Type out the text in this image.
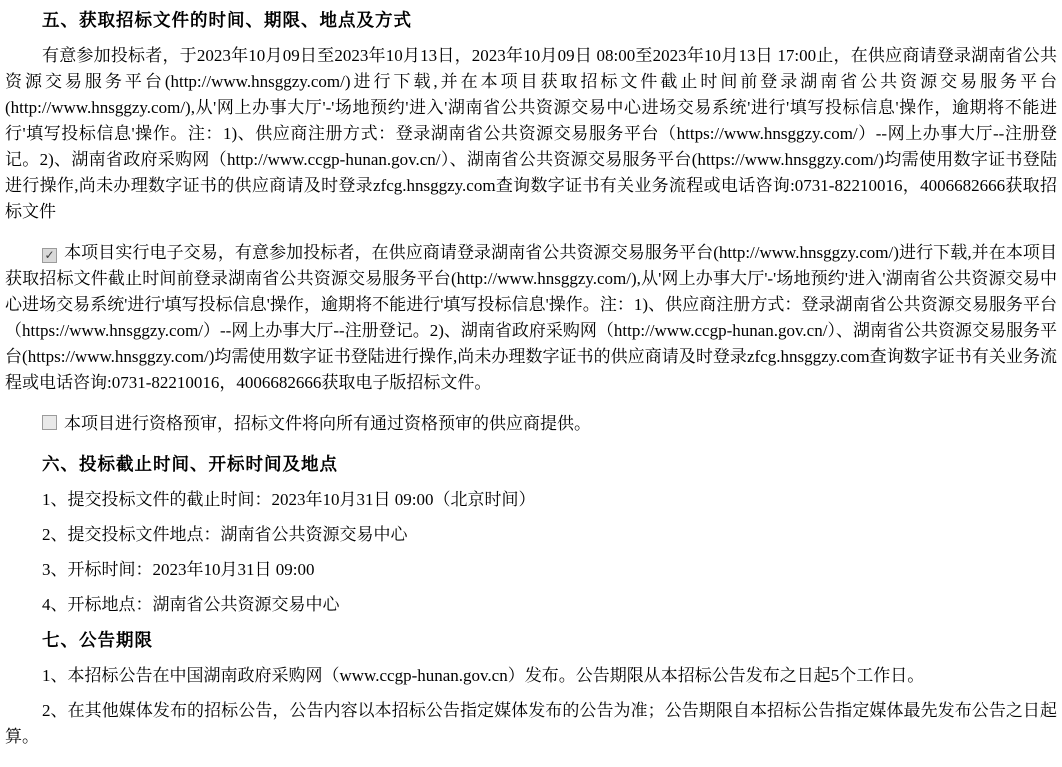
五、获取招标文件的时间、期限、地点及方式

有意参加投标者，于2023年10月09日至2023年10月13日，2023年10月09日 08:00至2023年10月13日 17:00止，在供应商请登录湖南省公共资源交易服务平台(http://www.hnsggzy.com/)进行下载,并在本项目获取招标文件截止时间前登录湖南省公共资源交易服务平台(http://www.hnsggzy.com/),从'网上办事大厅'-'场地预约'进入'湖南省公共资源交易中心进场交易系统'进行'填写投标信息'操作，逾期将不能进行'填写投标信息'操作。注：1)、供应商注册方式：登录湖南省公共资源交易服务平台（https://www.hnsggzy.com/）--网上办事大厅--注册登记。2)、湖南省政府采购网（http://www.ccgp-hunan.gov.cn/）、湖南省公共资源交易服务平台(https://www.hnsggzy.com/)均需使用数字证书登陆进行操作,尚未办理数字证书的供应商请及时登录zfcg.hnsggzy.com查询数字证书有关业务流程或电话咨询:0731-82210016，4006682666获取招标文件

✓ 本项目实行电子交易，有意参加投标者，在供应商请登录湖南省公共资源交易服务平台(http://www.hnsggzy.com/)进行下载,并在本项目获取招标文件截止时间前登录湖南省公共资源交易服务平台(http://www.hnsggzy.com/),从'网上办事大厅'-'场地预约'进入'湖南省公共资源交易中心进场交易系统'进行'填写投标信息'操作，逾期将不能进行'填写投标信息'操作。注：1)、供应商注册方式：登录湖南省公共资源交易服务平台（https://www.hnsggzy.com/）--网上办事大厅--注册登记。2)、湖南省政府采购网（http://www.ccgp-hunan.gov.cn/）、湖南省公共资源交易服务平台(https://www.hnsggzy.com/)均需使用数字证书登陆进行操作,尚未办理数字证书的供应商请及时登录zfcg.hnsggzy.com查询数字证书有关业务流程或电话咨询:0731-82210016，4006682666获取电子版招标文件。

本项目进行资格预审，招标文件将向所有通过资格预审的供应商提供。

六、投标截止时间、开标时间及地点

1、提交投标文件的截止时间：2023年10月31日 09:00（北京时间）

2、提交投标文件地点：湖南省公共资源交易中心

3、开标时间：2023年10月31日 09:00

4、开标地点：湖南省公共资源交易中心

七、公告期限

1、本招标公告在中国湖南政府采购网（www.ccgp-hunan.gov.cn）发布。公告期限从本招标公告发布之日起5个工作日。

2、在其他媒体发布的招标公告，公告内容以本招标公告指定媒体发布的公告为准；公告期限自本招标公告指定媒体最先发布公告之日起算。
